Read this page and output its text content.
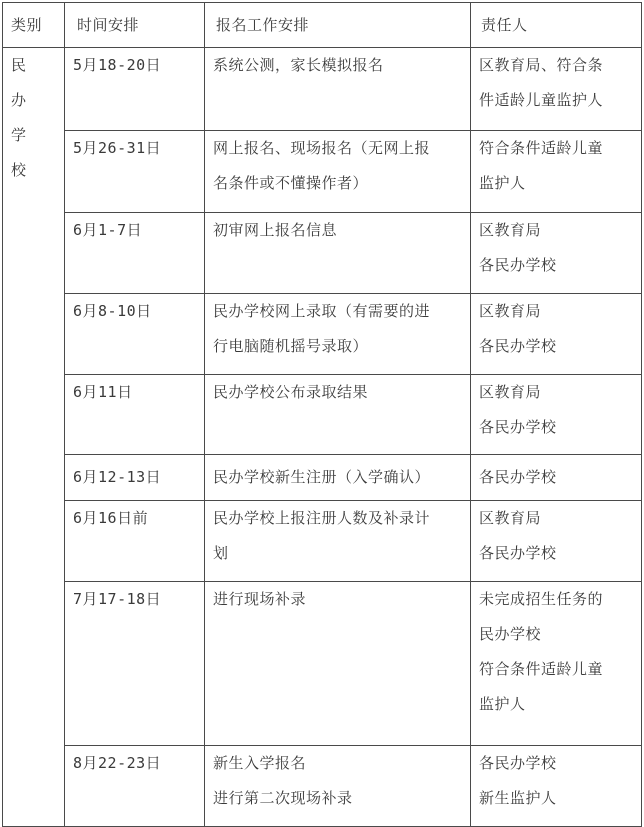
类别	时间安排	报名工作安排	责任人

民
办
学
校	5月18-20日	系统公测，家长模拟报名	区教育局、符合条
件适龄儿童监护人

	5月26-31日	网上报名、现场报名（无网上报
名条件或不懂操作者）	符合条件适龄儿童
监护人

	6月1-7日	初审网上报名信息	区教育局
各民办学校

	6月8-10日	民办学校网上录取（有需要的进
行电脑随机摇号录取）	区教育局
各民办学校

	6月11日	民办学校公布录取结果	区教育局
各民办学校

	6月12-13日	民办学校新生注册（入学确认）	各民办学校

	6月16日前	民办学校上报注册人数及补录计
划	区教育局
各民办学校

	7月17-18日	进行现场补录	未完成招生任务的
民办学校
符合条件适龄儿童
监护人

	8月22-23日	新生入学报名
进行第二次现场补录	各民办学校
新生监护人
